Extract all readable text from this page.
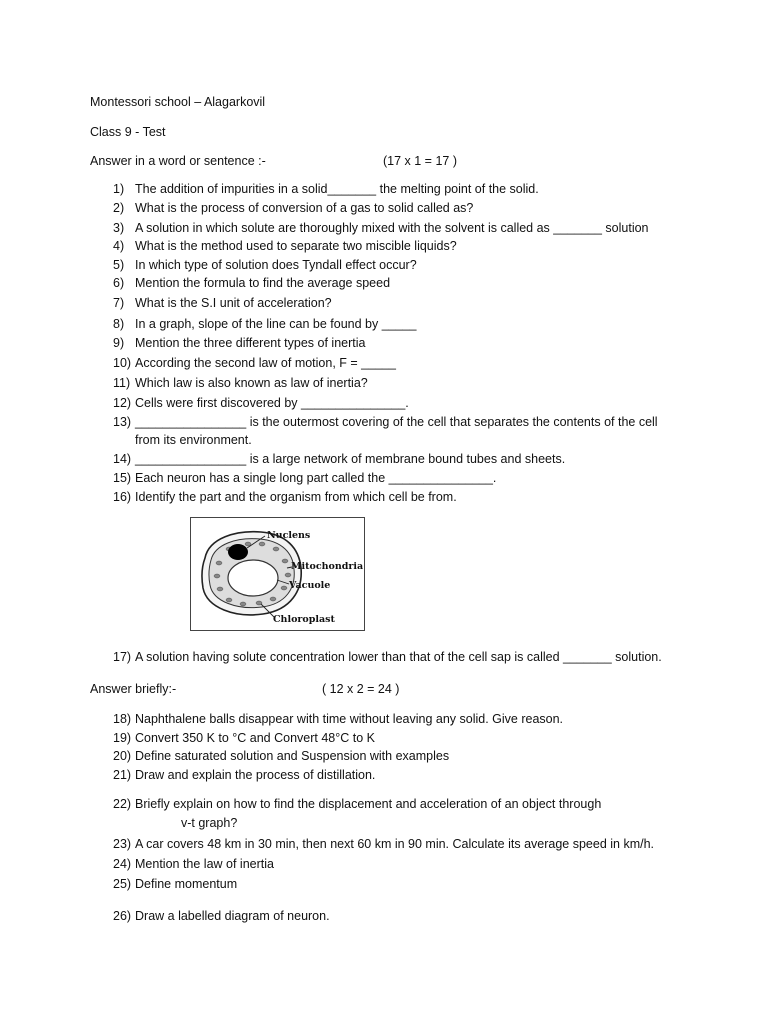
Montessori school – Alagarkovil
Class 9 - Test
Answer in a word or sentence :-	(17 x 1 = 17 )
1) The addition of impurities in a solid_______ the melting point of the solid.
2) What is the process of conversion of a gas to solid called as?
3) A solution in which solute are thoroughly mixed with the solvent is called as _______ solution
4) What is the method used to separate two miscible liquids?
5) In which type of solution does Tyndall effect occur?
6) Mention the formula to find the average speed
7) What is the S.I unit of acceleration?
8) In a graph, slope of the line can be found by _____
9) Mention the three different types of inertia
10) According the second law of motion, F = _____
11) Which law is also known as law of inertia?
12) Cells were first discovered by _______________.
13) ________________ is the outermost covering of the cell that separates the contents of the cell
from its environment.
14) ________________ is a large network of membrane bound tubes and sheets.
15) Each neuron has a single long part called the _______________.
16) Identify the part and the organism from which cell be from.
Nuclens
Mitochondria
Vacuole
Chloroplast
17) A solution having solute concentration lower than that of the cell sap is called _______ solution.
Answer briefly:-	( 12 x 2 = 24 )
18) Naphthalene balls disappear with time without leaving any solid. Give reason.
19) Convert 350 K to °C and Convert 48°C to K
20) Define saturated solution and Suspension with examples
21) Draw and explain the process of distillation.
22) Briefly explain on how to find the displacement and acceleration of an object through
v-t graph?
23) A car covers 48 km in 30 min, then next 60 km in 90 min. Calculate its average speed in km/h.
24) Mention the law of inertia
25) Define momentum
26) Draw a labelled diagram of neuron.
